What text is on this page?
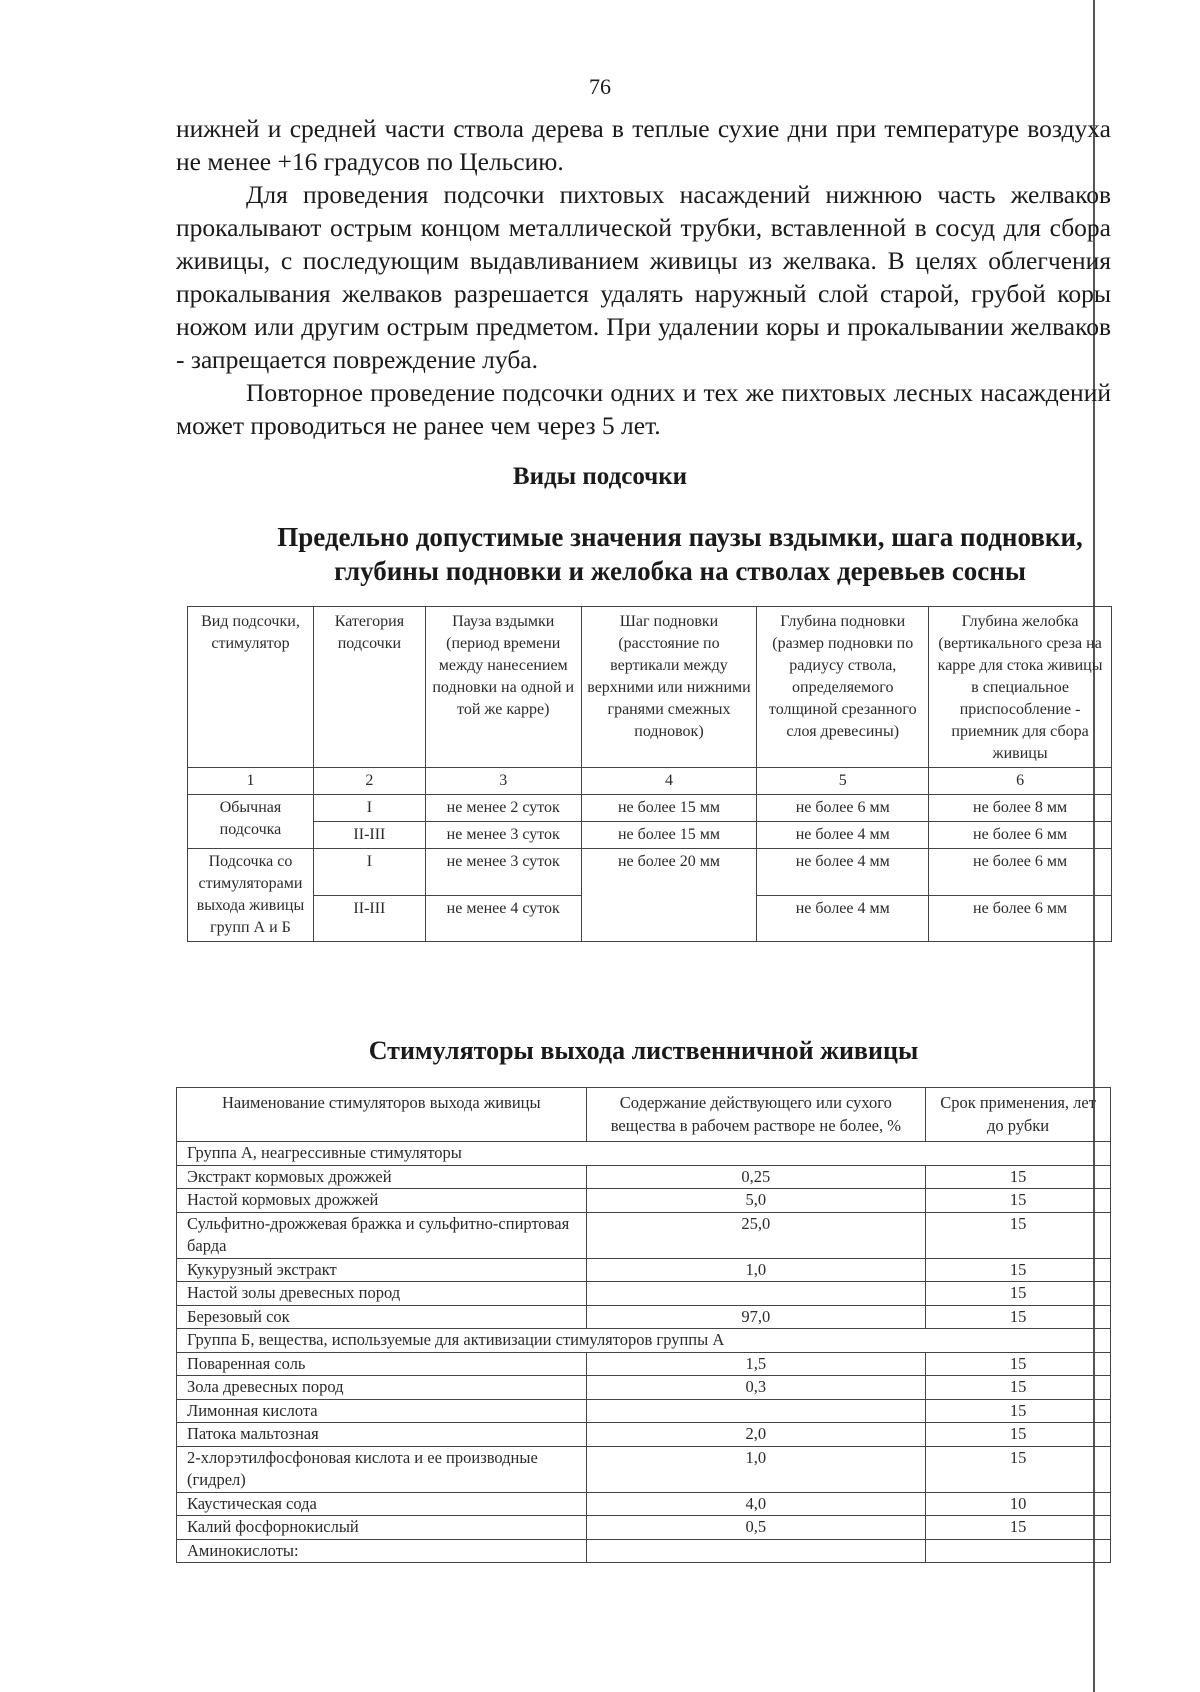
76

нижней и средней части ствола дерева в теплые сухие дни при температуре воздуха не менее +16 градусов по Цельсию.

Для проведения подсочки пихтовых насаждений нижнюю часть желваков прокалывают острым концом металлической трубки, вставленной в сосуд для сбора живицы, с последующим выдавливанием живицы из желвака. В целях облегчения прокалывания желваков разрешается удалять наружный слой старой, грубой коры ножом или другим острым предметом. При удалении коры и прокалывании желваков - запрещается повреждение луба.

Повторное проведение подсочки одних и тех же пихтовых лесных насаждений может проводиться не ранее чем через 5 лет.

Виды подсочки
Предельно допустимые значения паузы вздымки, шага подновки,
глубины подновки и желобка на стволах деревьев сосны
Вид подсочки, стимулятор	Категория подсочки	Пауза вздымки (период времени между нанесением подновки на одной и той же карре)	Шаг подновки (расстояние по вертикали между верхними или нижними гранями смежных подновок)	Глубина подновки (размер подновки по радиусу ствола, определяемого толщиной срезанного слоя древесины)	Глубина желобка (вертикального среза на карре для стока живицы в специальное приспособление - приемник для сбора живицы
1	2	3	4	5	6
Обычная подсочка	I	не менее 2 суток	не более 15 мм	не более 6 мм	не более 8 мм
	II-III	не менее 3 суток	не более 15 мм	не более 4 мм	не более 6 мм
Подсочка со стимуляторами выхода живицы групп А и Б	I	не менее 3 суток	не более 20 мм	не более 4 мм	не более 6 мм
	II-III	не менее 4 суток		не более 4 мм	не более 6 мм
Стимуляторы выхода лиственничной живицы
Наименование стимуляторов выхода живицы	Содержание действующего или сухого вещества в рабочем растворе не более, %	Срок применения, лет до рубки
Группа А, неагрессивные стимуляторы		
Экстракт кормовых дрожжей	0,25	15
Настой кормовых дрожжей	5,0	15
Сульфитно-дрожжевая бражка и сульфитно-спиртовая барда	25,0	15
Кукурузный экстракт	1,0	15
Настой золы древесных пород		15
Березовый сок	97,0	15
Группа Б, вещества, используемые для активизации стимуляторов группы А		
Поваренная соль	1,5	15
Зола древесных пород	0,3	15
Лимонная кислота		15
Патока мальтозная	2,0	15
2-хлорэтилфосфоновая кислота и ее производные (гидрел)	1,0	15
Каустическая сода	4,0	10
Калий фосфорнокислый	0,5	15
Аминокислоты:		
